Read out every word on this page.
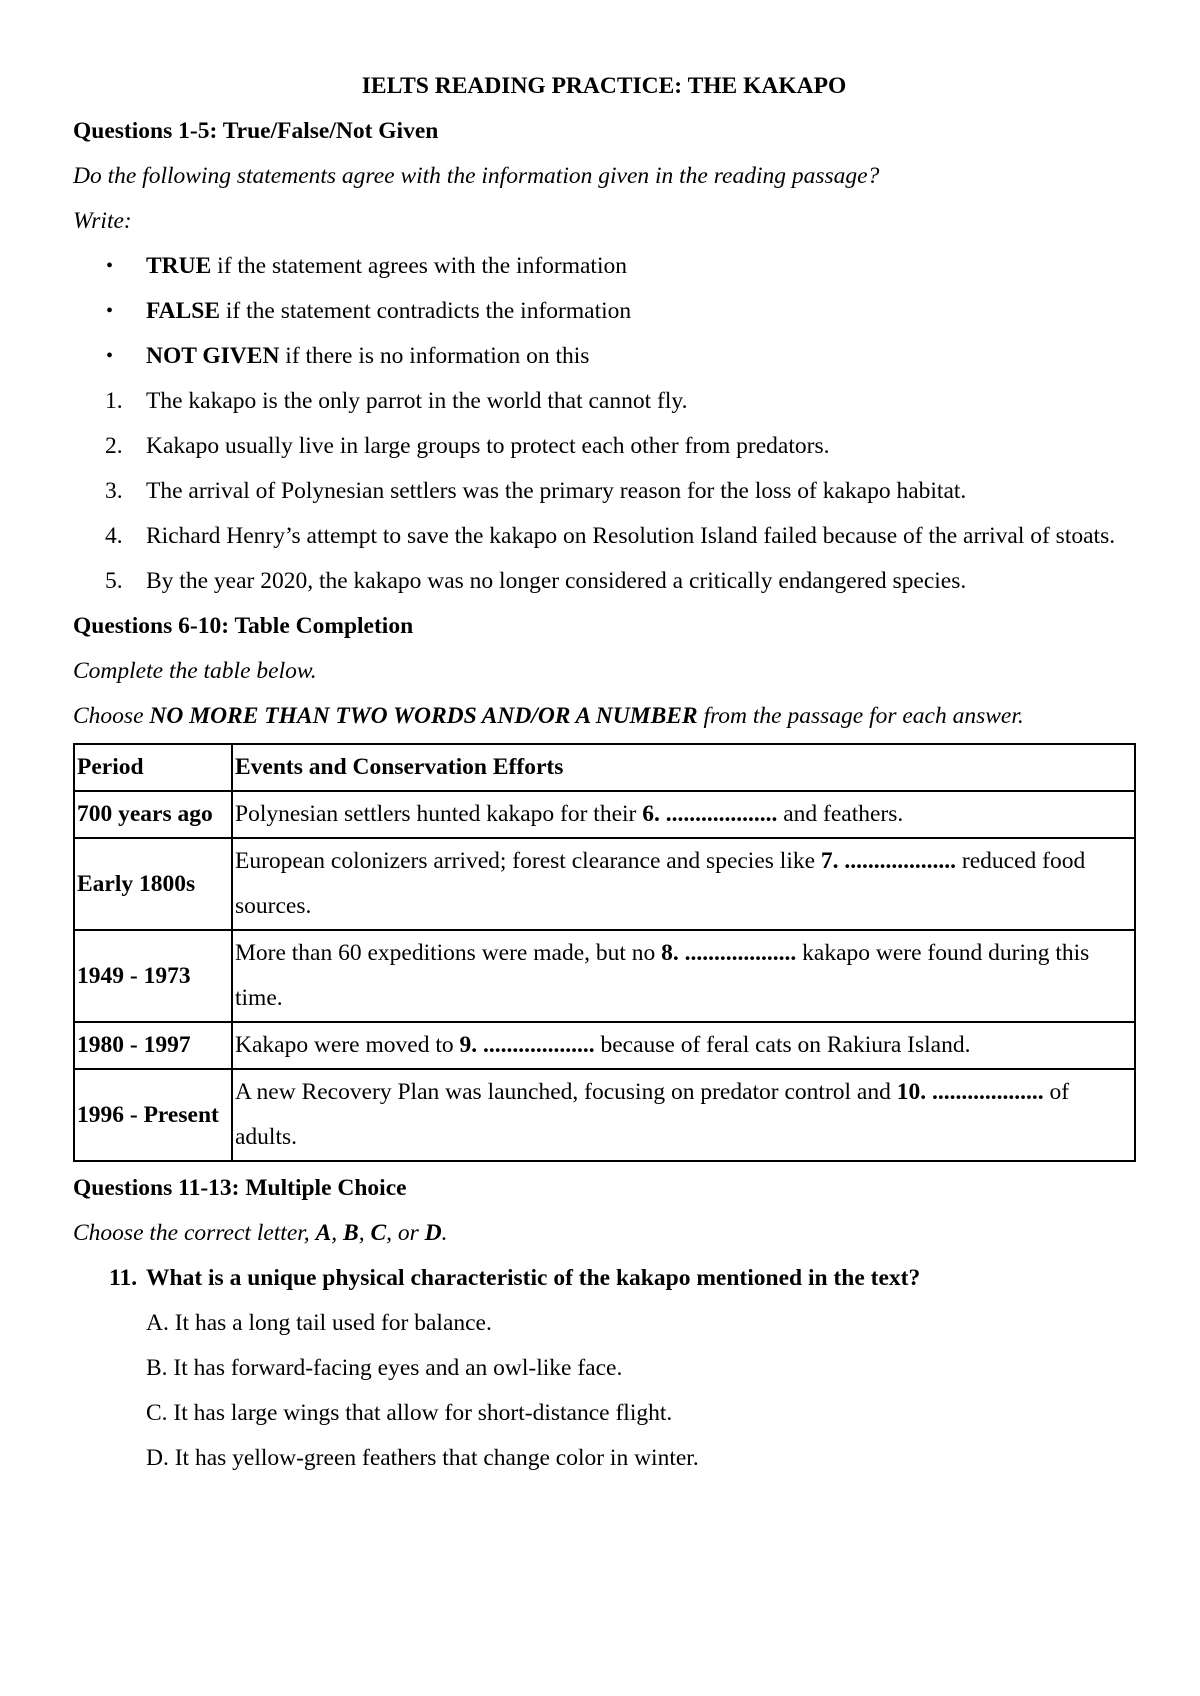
IELTS READING PRACTICE: THE KAKAPO

Questions 1-5: True/False/Not Given

Do the following statements agree with the information given in the reading passage?

Write:

• TRUE if the statement agrees with the information
• FALSE if the statement contradicts the information
• NOT GIVEN if there is no information on this
1. The kakapo is the only parrot in the world that cannot fly.
2. Kakapo usually live in large groups to protect each other from predators.
3. The arrival of Polynesian settlers was the primary reason for the loss of kakapo habitat.
4. Richard Henry’s attempt to save the kakapo on Resolution Island failed because of the arrival of stoats.
5. By the year 2020, the kakapo was no longer considered a critically endangered species.

Questions 6-10: Table Completion

Complete the table below.

Choose NO MORE THAN TWO WORDS AND/OR A NUMBER from the passage for each answer.

Period	Events and Conservation Efforts
700 years ago	Polynesian settlers hunted kakapo for their 6. ................... and feathers.
Early 1800s	European colonizers arrived; forest clearance and species like 7. ................... reduced food sources.
1949 - 1973	More than 60 expeditions were made, but no 8. ................... kakapo were found during this time.
1980 - 1997	Kakapo were moved to 9. ................... because of feral cats on Rakiura Island.
1996 - Present	A new Recovery Plan was launched, focusing on predator control and 10. ................... of adults.

Questions 11-13: Multiple Choice

Choose the correct letter, A, B, C, or D.

11. What is a unique physical characteristic of the kakapo mentioned in the text?

A. It has a long tail used for balance.

B. It has forward-facing eyes and an owl-like face.

C. It has large wings that allow for short-distance flight.

D. It has yellow-green feathers that change color in winter.
